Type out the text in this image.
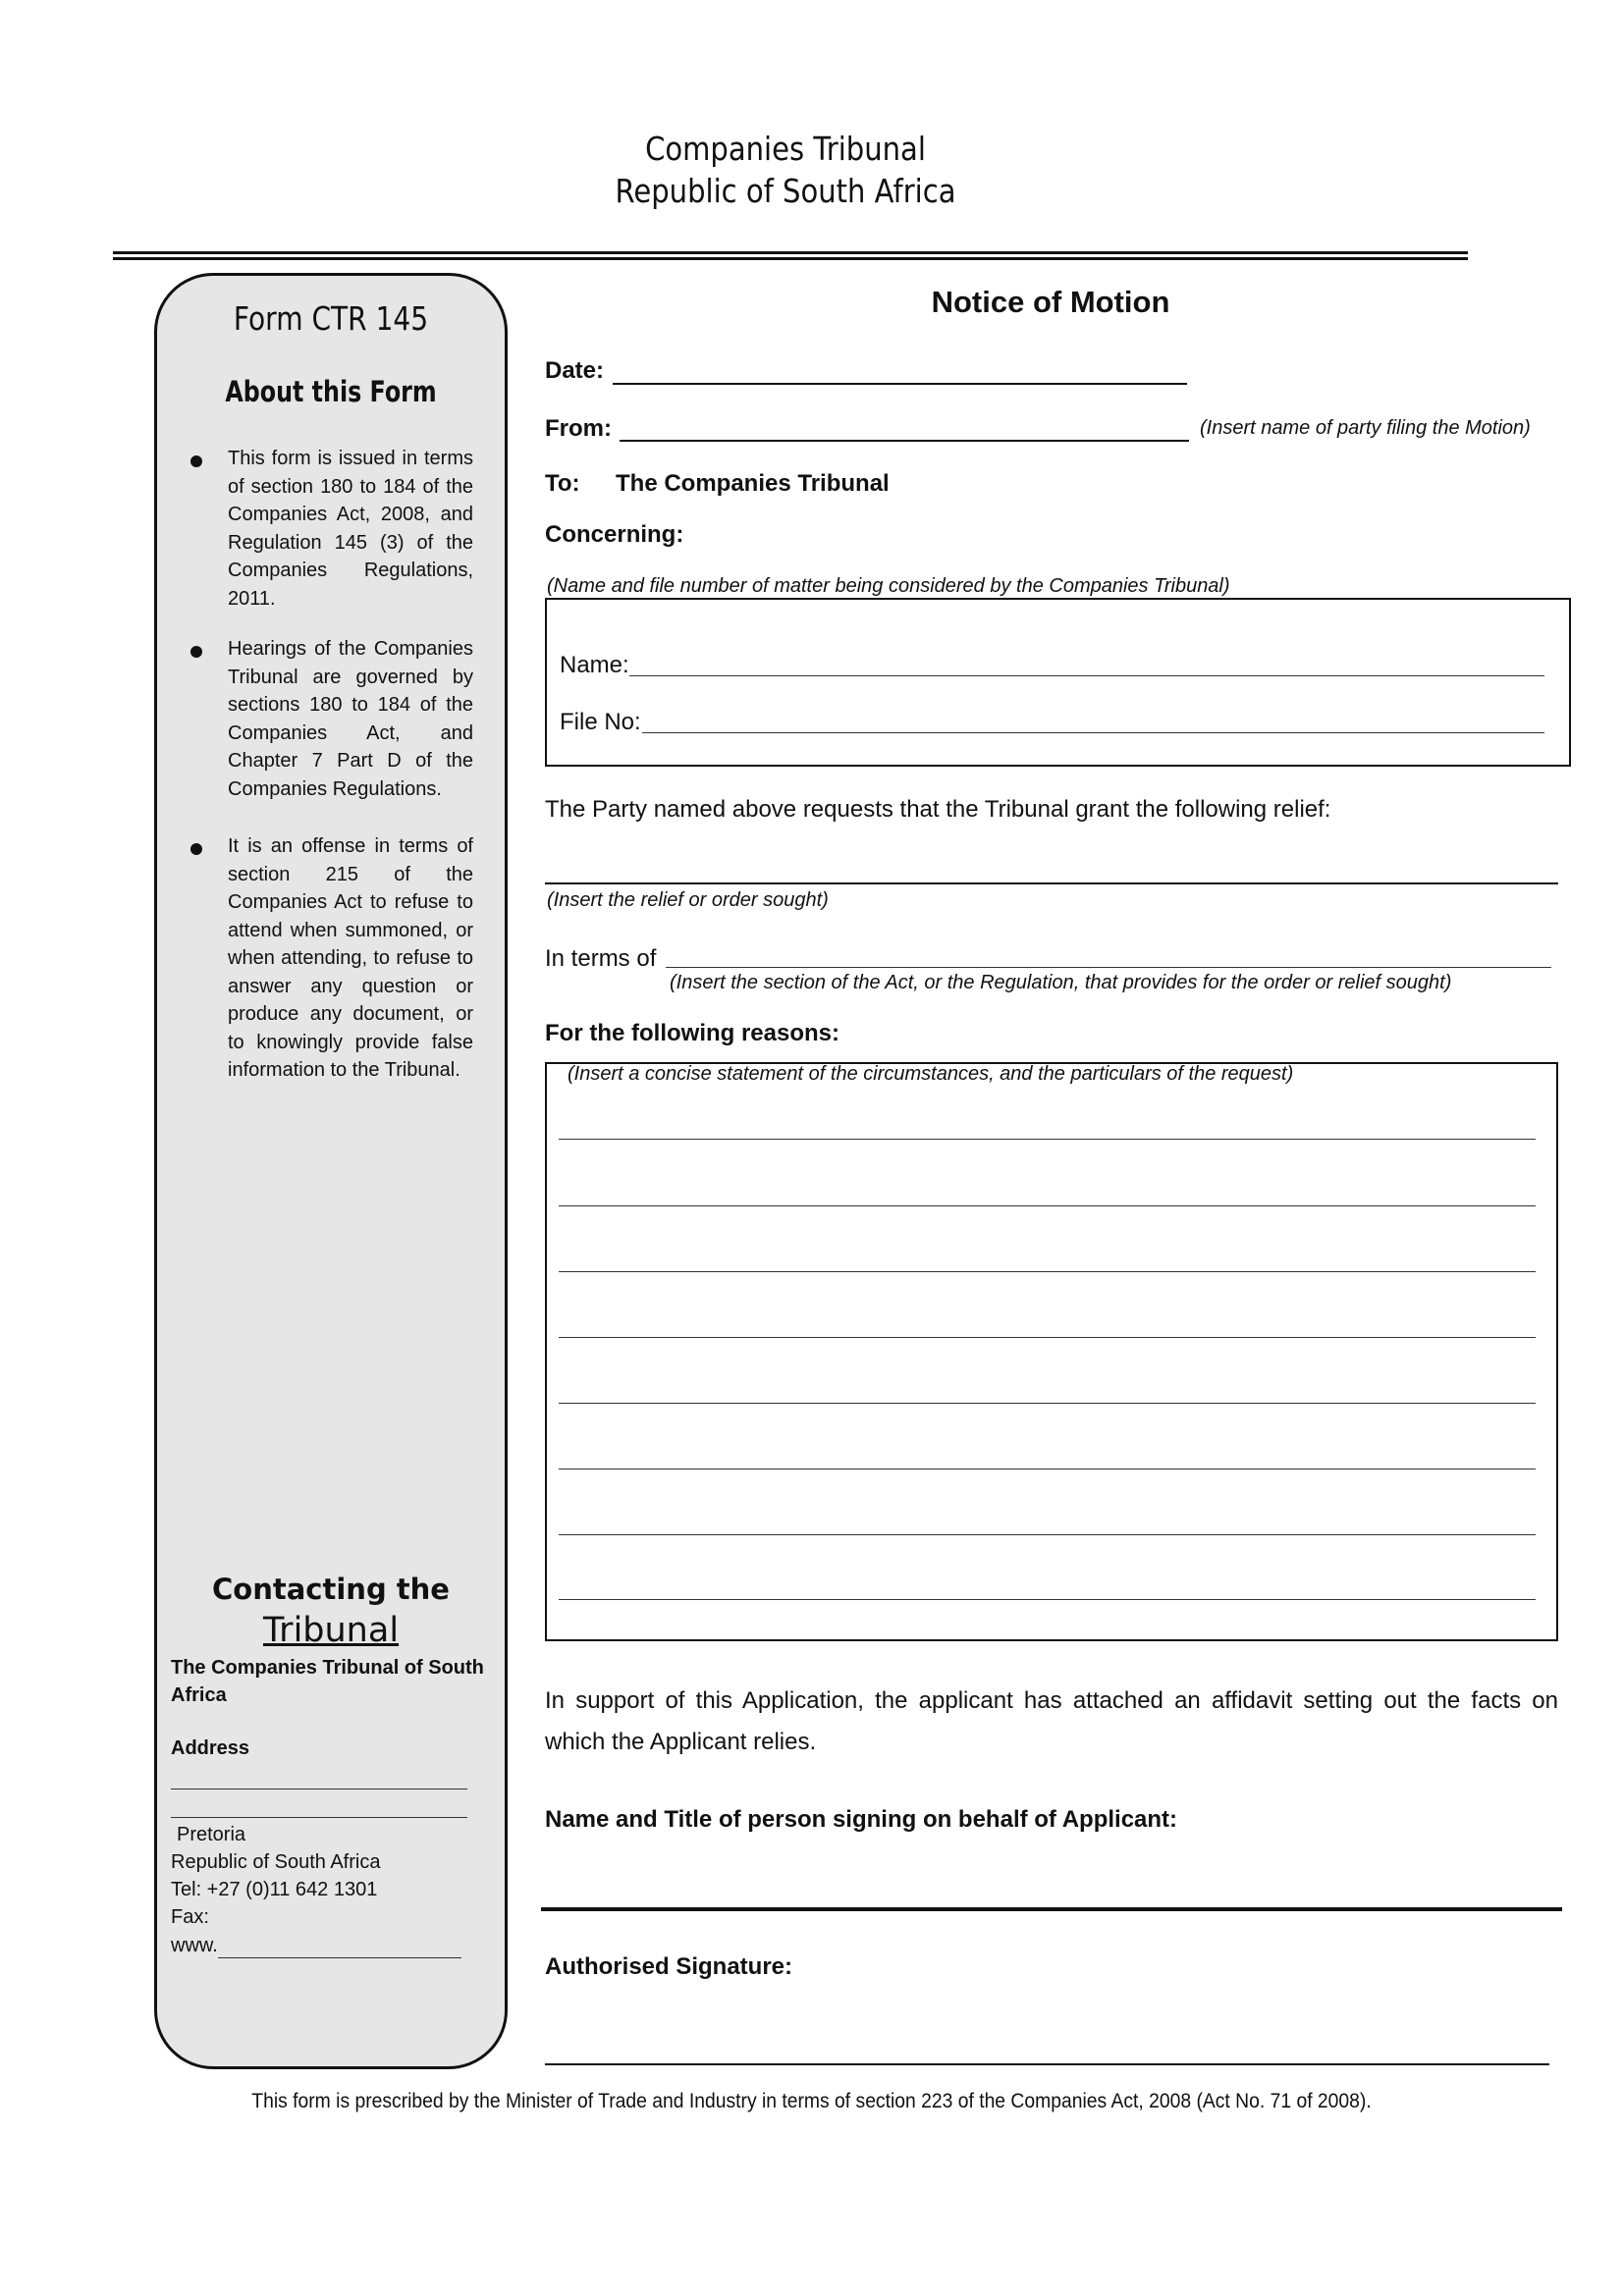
Companies Tribunal
Republic of South Africa
Form CTR 145
About this Form
This form is issued in terms of section 180 to 184 of the Companies Act, 2008, and Regulation 145 (3) of the Companies Regulations, 2011.
Hearings of the Companies Tribunal are governed by sections 180 to 184 of the Companies Act, and Chapter 7 Part D of the Companies Regulations.
It is an offense in terms of section 215 of the Companies Act to refuse to attend when summoned, or when attending, to refuse to answer any question or produce any document, or to knowingly provide false information to the Tribunal.
Contacting the
Tribunal
The Companies Tribunal of South Africa
Address
Pretoria
Republic of South Africa
Tel: +27 (0)11 642 1301
Fax:
www.
Notice of Motion
Date:
From:	(Insert name of party filing the Motion)
To: The Companies Tribunal
Concerning:
(Name and file number of matter being considered by the Companies Tribunal)
Name:
File No:
The Party named above requests that the Tribunal grant the following relief:
(Insert the relief or order sought)
In terms of
(Insert the section of the Act, or the Regulation, that provides for the order or relief sought)
For the following reasons:
(Insert a concise statement of the circumstances, and the particulars of the request)
In support of this Application, the applicant has attached an affidavit setting out the facts on which the Applicant relies.
Name and Title of person signing on behalf of Applicant:
Authorised Signature:
This form is prescribed by the Minister of Trade and Industry in terms of section 223 of the Companies Act, 2008 (Act No. 71 of 2008).
